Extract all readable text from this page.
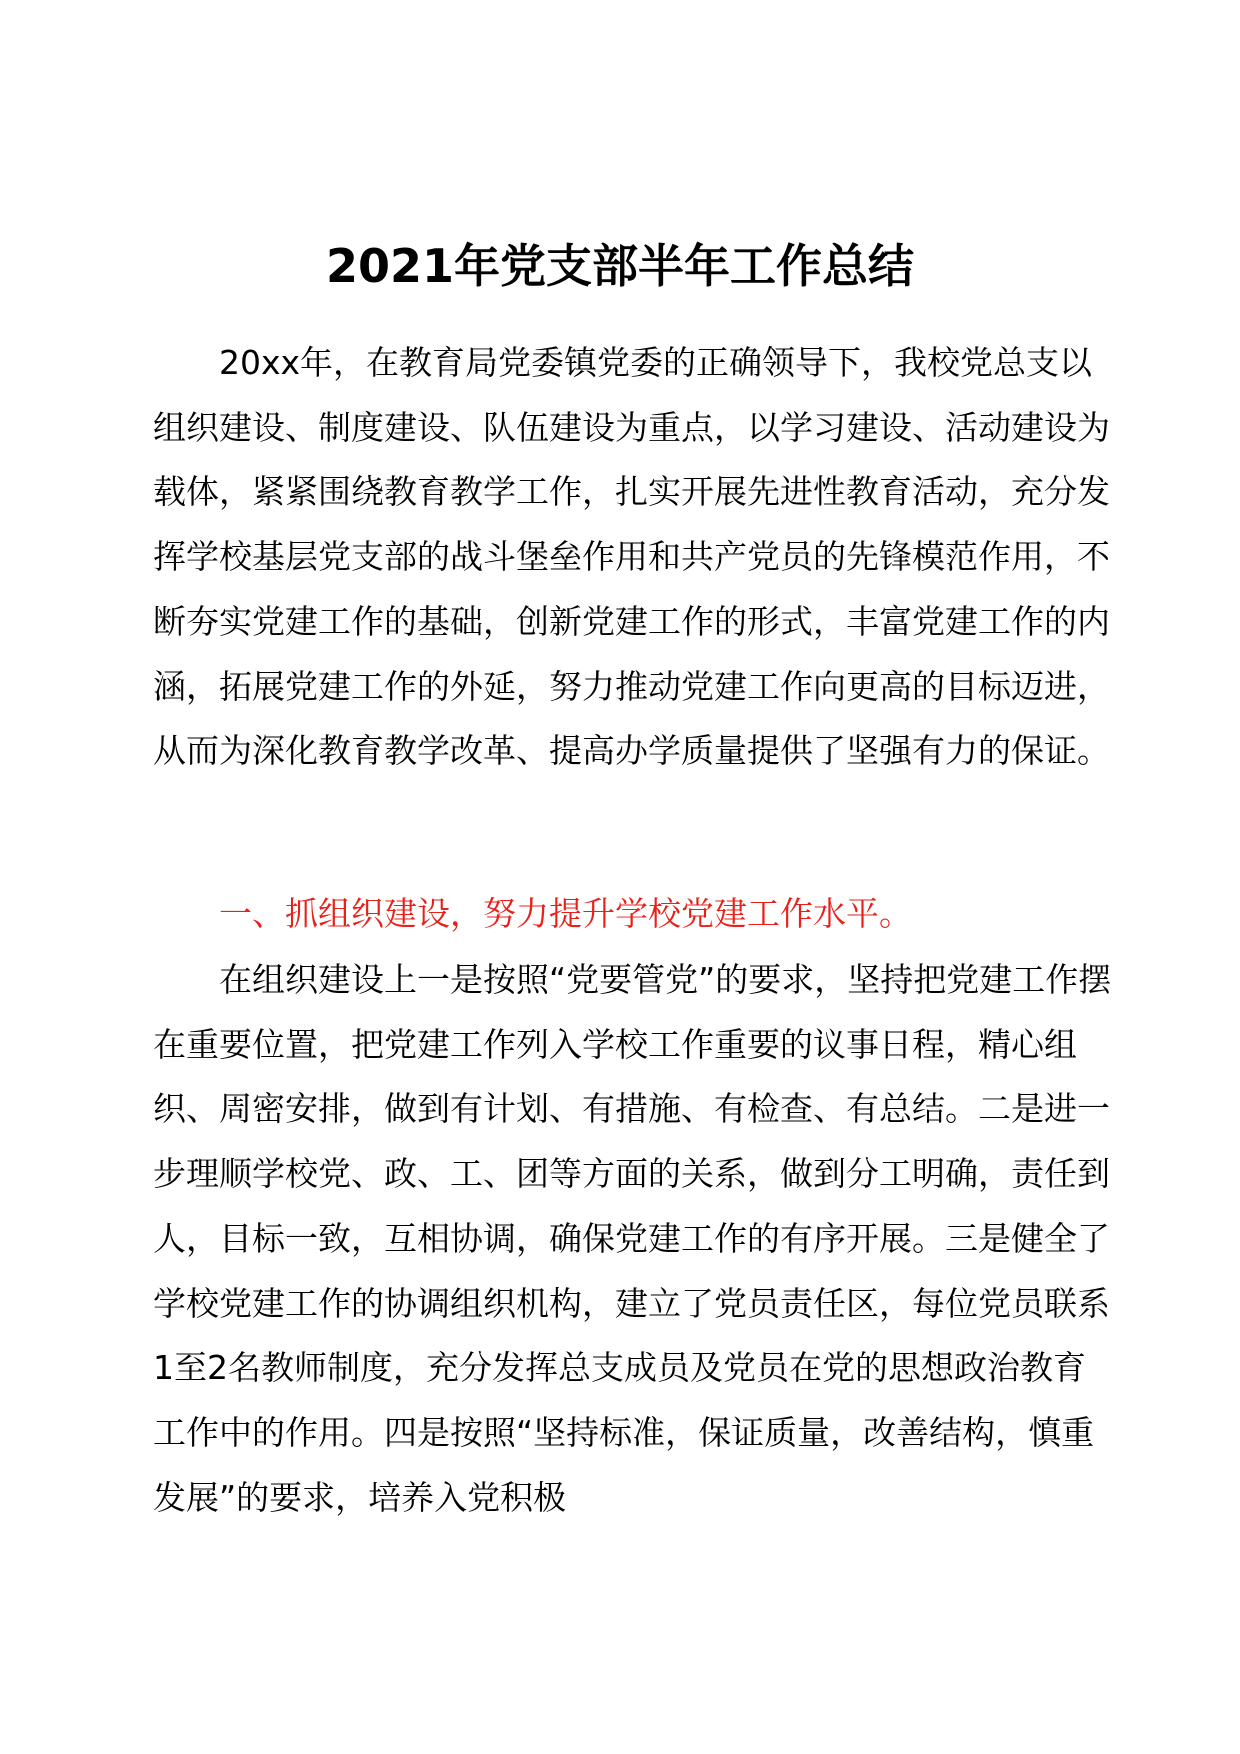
2021年党支部半年工作总结

20xx年，在教育局党委镇党委的正确领导下，我校党总支以组织建设、制度建设、队伍建设为重点，以学习建设、活动建设为载体，紧紧围绕教育教学工作，扎实开展先进性教育活动，充分发挥学校基层党支部的战斗堡垒作用和共产党员的先锋模范作用，不断夯实党建工作的基础，创新党建工作的形式，丰富党建工作的内涵，拓展党建工作的外延，努力推动党建工作向更高的目标迈进，从而为深化教育教学改革、提高办学质量提供了坚强有力的保证。

一、抓组织建设，努力提升学校党建工作水平。

在组织建设上一是按照“党要管党”的要求，坚持把党建工作摆在重要位置，把党建工作列入学校工作重要的议事日程，精心组织、周密安排，做到有计划、有措施、有检查、有总结。二是进一步理顺学校党、政、工、团等方面的关系，做到分工明确，责任到人，目标一致，互相协调，确保党建工作的有序开展。三是健全了学校党建工作的协调组织机构，建立了党员责任区，每位党员联系1至2名教师制度，充分发挥总支成员及党员在党的思想政治教育工作中的作用。四是按照“坚持标准，保证质量，改善结构，慎重发展”的要求，培养入党积极
